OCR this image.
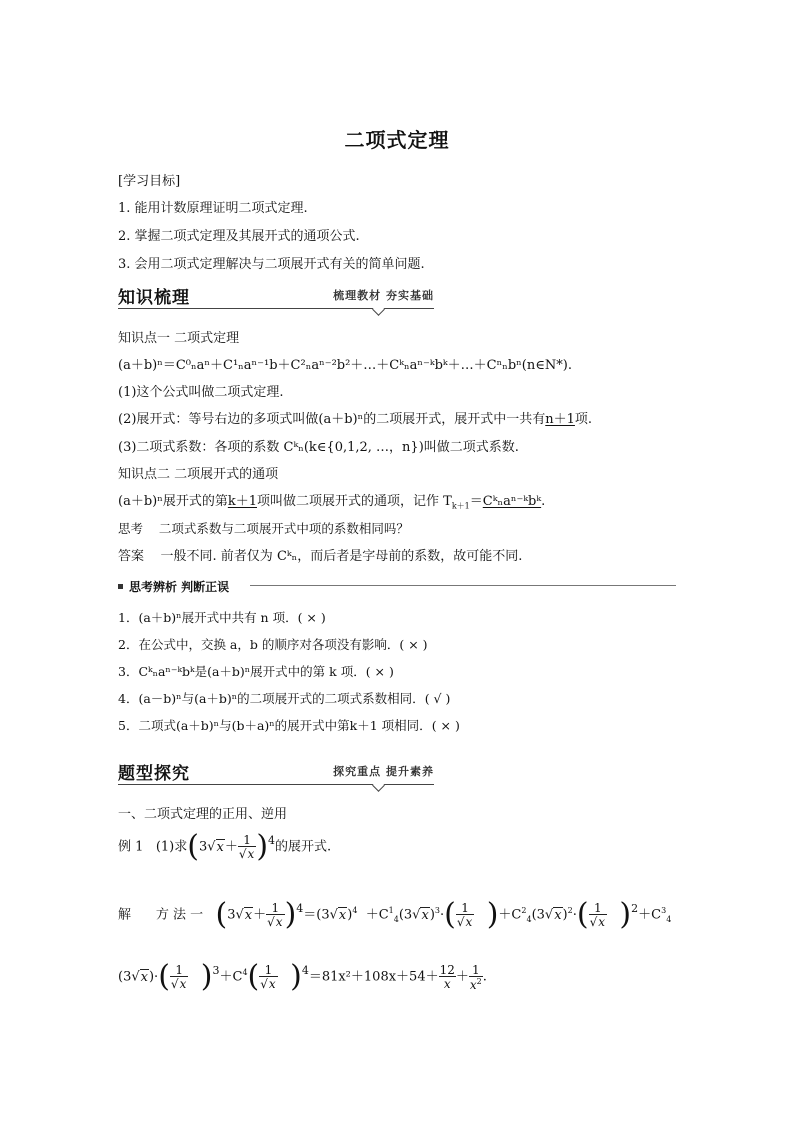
二项式定理
[学习目标]
1. 能用计数原理证明二项式定理.
2. 掌握二项式定理及其展开式的通项公式.
3. 会用二项式定理解决与二项展开式有关的简单问题.
知识梳理	梳理教材 夯实基础
知识点一 二项式定理
(a＋b)ⁿ＝C⁰ₙaⁿ＋C¹ₙaⁿ⁻¹b＋C²ₙaⁿ⁻²b²＋…＋Cᵏₙaⁿ⁻ᵏbᵏ＋…＋Cⁿₙbⁿ(n∈N*).
(1)这个公式叫做二项式定理.
(2)展开式：等号右边的多项式叫做(a＋b)ⁿ的二项展开式，展开式中一共有n＋1项.
(3)二项式系数：各项的系数 Cᵏₙ(k∈{0,1,2, …，n})叫做二项式系数.
知识点二 二项展开式的通项
(a＋b)ⁿ展开式的第k＋1项叫做二项展开式的通项，记作 $T_{k+1}=Cᵏ_na^{n-}ᵏbᵏ$.
思考 二项式系数与二项展开式中项的系数相同吗？
答案 一般不同. 前者仅为 Cᵏₙ，而后者是字母前的系数，故可能不同.
思考辨析 判断正误
1．(a＋b)ⁿ展开式中共有 n 项．( × )
2．在公式中，交换 a，b 的顺序对各项没有影响．( × )
3．Cᵏₙaⁿ⁻ᵏbᵏ是(a＋b)ⁿ展开式中的第 k 项．( × )
4．(a－b)ⁿ与(a＋b)ⁿ的二项展开式的二项式系数相同．( √ )
5．二项式(a＋b)ⁿ与(b＋a)ⁿ的展开式中第k＋1 项相同．( × )
题型探究	探究重点 提升素养
一、二项式定理的正用、逆用
例 1 (1)求$(3√x+ \frac{1}{√x} )^4$的展开式.
解 方 法 一 $(3√x+ \frac{1}{√x} )^4=(3√x)^4 +C^1_4(3√x)^3\cdot( \frac{1}{√x} )+C^2_4(3√x)^2\cdot( \frac{1}{√x} )^2+C^3_4$
$(3√x)\cdot( \frac{1}{√x} )^3+C^4( \frac{1}{√x} )^4=81x^2+108x+54+ \frac{12}{x} + \frac{1}{x^2}$ .
